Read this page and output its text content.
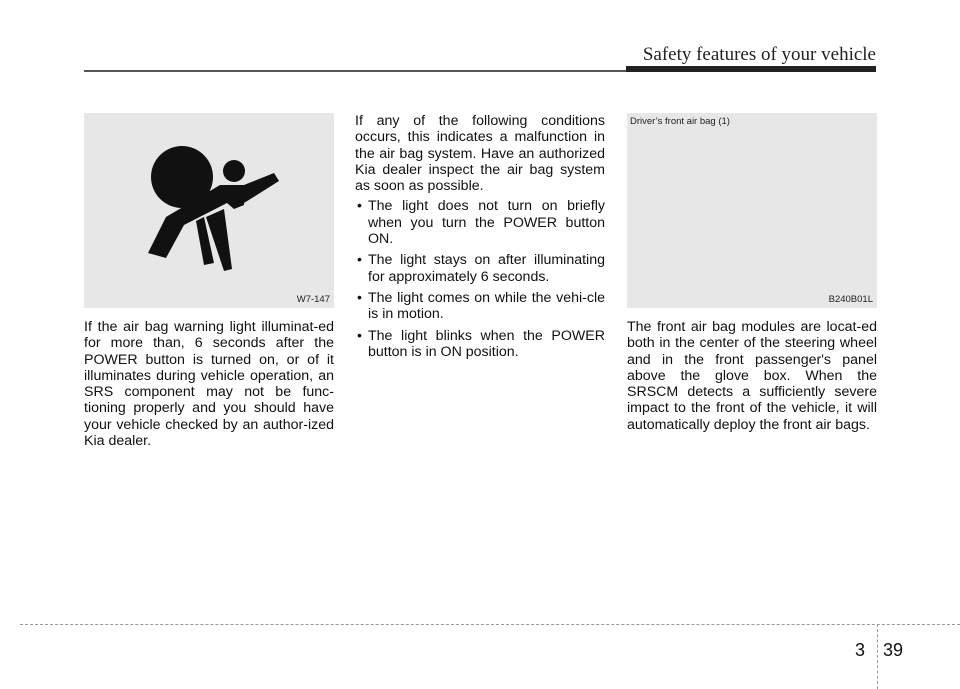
Safety features of your vehicle
W7-147

If the air bag warning light illuminat-ed for more than, 6 seconds after the POWER button is turned on, or of it illuminates during vehicle operation, an SRS component may not be func-tioning properly and you should have your vehicle checked by an author-ized Kia dealer.

If any of the following conditions occurs, this indicates a malfunction in the air bag system. Have an authorized Kia dealer inspect the air bag system as soon as possible.

• The light does not turn on briefly when you turn the POWER button ON.
• The light stays on after illuminating for approximately 6 seconds.
• The light comes on while the vehi-cle is in motion.
• The light blinks when the POWER button is in ON position.
Driver’s front air bag (1)
B240B01L

The front air bag modules are locat-ed both in the center of the steering wheel and in the front passenger's panel above the glove box. When the SRSCM detects a sufficiently severe impact to the front of the vehicle, it will automatically deploy the front air bags.

3 39
